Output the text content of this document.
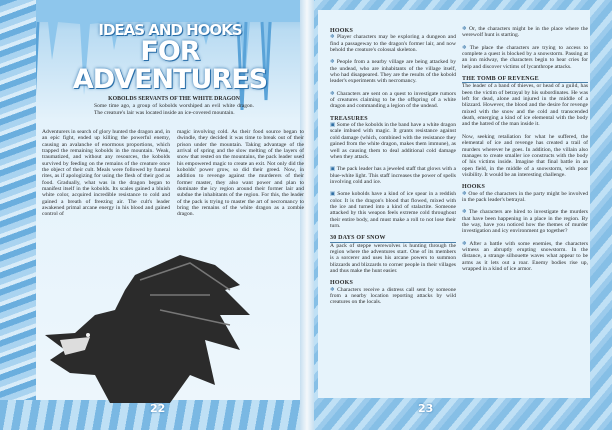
IDEAS AND HOOKS
FOR ADVENTURES
KOBOLDS SERVANTS OF THE WHITE DRAGON

Some time ago, a group of kobolds worshiped an evil white dragon. The creature's lair was located inside an ice-covered mountain.

Adventurers in search of glory hunted the dragon and, in an epic fight, ended up killing the powerful enemy, causing an avalanche of enormous proportions, which trapped the remaining kobolds in the mountain. Weak, traumatized, and without any resources, the kobolds survived by feeding on the remains of the creature once the object of their cult. Meals were followed by funeral rites, as if apologizing for using the flesh of their god as food. Gradually, what was in the dragon began to manifest itself in the kobolds. Its scales gained a bluish white color, acquired incredible resistance to cold and gained a breath of freezing air. The cult's leader awakened primal arcane energy in his blood and gained control of

magic involving cold. As their food source began to dwindle, they decided it was time to break out of their prison under the mountain. Taking advantage of the arrival of spring and the slow melting of the layers of snow that rested on the mountains, the pack leader used his empowered magic to create an exit. Not only did the kobolds' power grow, so did their greed. Now, in addition to revenge against the murderers of their former master, they also want power and plan to dominate the icy region around their former lair and subdue the inhabitants of the region. For this, the leader of the pack is trying to master the art of necromancy to bring the remains of the white dragon as a zombie dragon.

22	23
HOOKS

❄ Player characters may be exploring a dungeon and find a passageway to the dragon's former lair, and now behold the creature's colossal skeleton.

❄ People from a nearby village are being attacked by the undead, who are inhabitants of the village itself, who had disappeared. They are the results of the kobold leader's experiments with necromancy.

❄ Characters are sent on a quest to investigate rumors of creatures claiming to be the offspring of a white dragon and commanding a legion of the undead.

TREASURES

▣ Some of the kobolds in the band have a white dragon scale imbued with magic. It grants resistance against cold damage (which, combined with the resistance they gained from the white dragon, makes them immune), as well as causing them to deal additional cold damage when they attack.

▣ The pack leader has a jeweled staff that glows with a blue-white light. This staff increases the power of spells involving cold and ice.

▣ Some kobolds have a kind of ice spear in a reddish color. It is the dragon's blood that flowed, mixed with the ice and turned into a kind of stalactite. Someone attacked by this weapon feels extreme cold throughout their entire body, and must make a roll to not lose their turn.

30 DAYS OF SNOW

A pack of steppe werewolves is hunting through the region where the adventures start. One of its members is a sorcerer and uses his arcane powers to summon blizzards and blizzards to corner people in their villages and thus make the hunt easier.

HOOKS

❄ Characters receive a distress call sent by someone from a nearby location reporting attacks by wild creatures on the locals.

❄ Or, the characters might be in the place where the werewolf hunt is starting.

❄ The place the characters are trying to access to complete a quest is blocked by a snowstorm. Passing at an inn midway, the characters begin to hear cries for help and discover victims of lycanthrope attacks.

THE TOMB OF REVENGE

The leader of a band of thieves, or head of a guild, has been the victim of betrayal by his subordinates. He was left for dead, alone and injured in the middle of a blizzard. However, the blood and the desire for revenge mixed with the snow and the cold and transcended death, emerging a kind of ice elemental with the body and the hatred of the man inside it.

Now, seeking retaliation for what he suffered, the elemental of ice and revenge has created a trail of murders wherever he goes. In addition, the villain also manages to create smaller ice constructs with the body of his victims inside. Imagine that final battle in an open field, in the middle of a snowstorm, with poor visibility. It would be an interesting challenge.

HOOKS

❄ One of the characters in the party might be involved in the pack leader's betrayal.

❄ The characters are hired to investigate the murders that have been happening in a place in the region. By the way, have you noticed how the themes of murder investigation and icy environment go together?

❄ After a battle with some enemies, the characters witness an abruptly erupting snowstorm. In the distance, a strange silhouette waves what appear to be arms as it lets out a roar. Enemy bodies rise up, wrapped in a kind of ice armor.
